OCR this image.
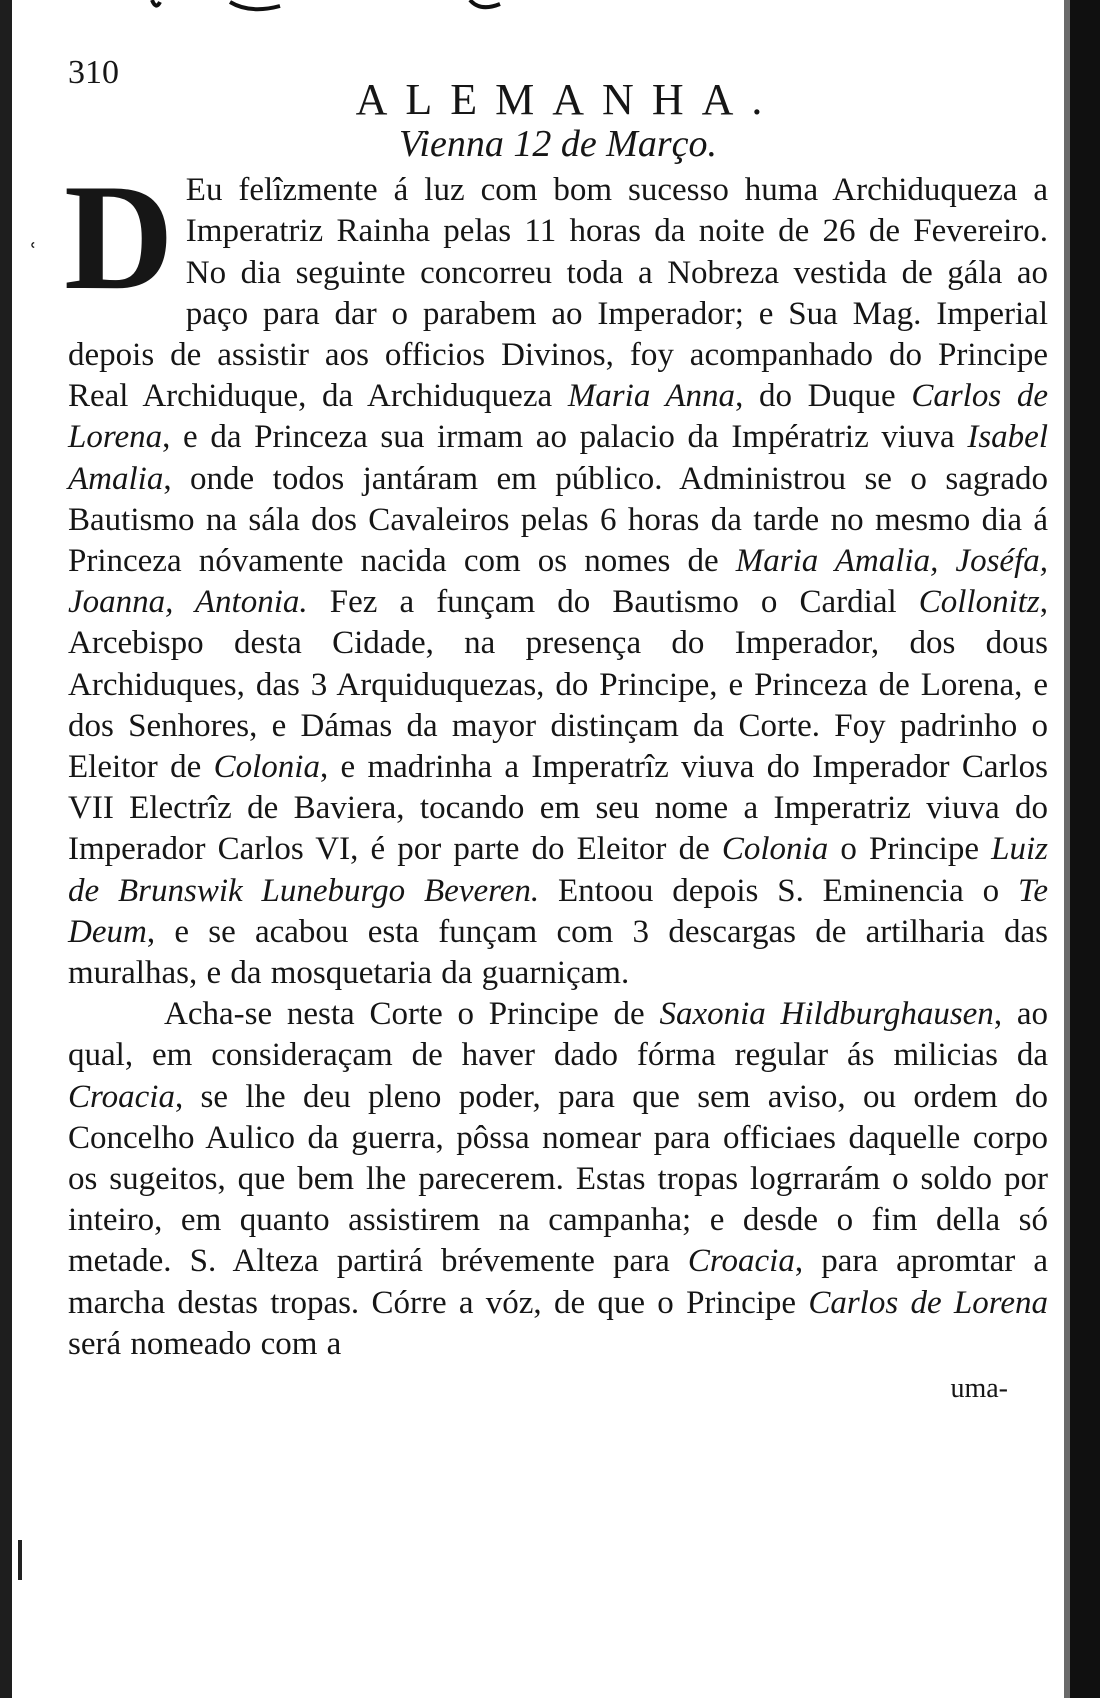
ʿ
310
ALEMANHA.
Vienna 12 de Março.

D Eu felîzmente á luz com bom sucesso huma Archiduqueza a Imperatriz Rainha pelas 11 horas da noite de 26 de Fevereiro. No dia seguinte concorreu toda a Nobreza vestida de gála ao paço para dar o parabem ao Imperador; e Sua Mag. Imperial depois de assistir aos officios Divinos, foy acompanhado do Principe Real Archiduque, da Archiduqueza Maria Anna, do Duque Carlos de Lorena, e da Princeza sua irmam ao palacio da Impératriz viuva Isabel Amalia, onde todos jantáram em público. Administrou se o sagrado Bautismo na sála dos Cavaleiros pelas 6 horas da tarde no mesmo dia á Princeza nóvamente nacida com os nomes de Maria Amalia, Joséfa, Joanna, Antonia. Fez a funçam do Bautismo o Cardial Collonitz, Arcebispo desta Cidade, na presença do Imperador, dos dous Archiduques, das 3 Arquiduquezas, do Principe, e Princeza de Lorena, e dos Senhores, e Dámas da mayor distinçam da Corte. Foy padrinho o Eleitor de Colonia, e madrinha a Imperatrîz viuva do Imperador Carlos VII Electrîz de Baviera, tocando em seu nome a Imperatriz viuva do Imperador Carlos VI, é por parte do Eleitor de Colonia o Principe Luiz de Brunswik Luneburgo Beveren. Entoou depois S. Eminencia o Te Deum, e se acabou esta funçam com 3 descargas de artilharia das muralhas, e da mosquetaria da guarniçam.

Acha-se nesta Corte o Principe de Saxonia Hildburghausen, ao qual, em consideraçam de haver dado fórma regular ás milicias da Croacia, se lhe deu pleno poder, para que sem aviso, ou ordem do Concelho Aulico da guerra, pôssa nomear para officiaes daquelle corpo os sugeitos, que bem lhe parecerem. Estas tropas logrrarám o soldo por inteiro, em quanto assistirem na campanha; e desde o fim della só metade. S. Alteza partirá brévemente para Croacia, para apromtar a marcha destas tropas. Córre a vóz, de que o Principe Carlos de Lorena será nomeado com a

uma-
